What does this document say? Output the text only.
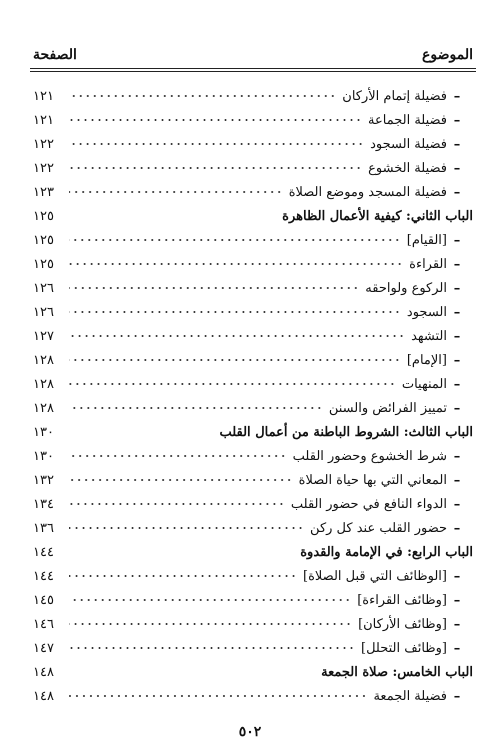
الموضوع
الصفحة
–
فضيلة إتمام الأركان
١٢١
–
فضيلة الجماعة
١٢١
–
فضيلة السجود
١٢٢
–
فضيلة الخشوع
١٢٢
–
فضيلة المسجد وموضع الصلاة
١٢٣
الباب الثاني: كيفية الأعمال الظاهرة
١٢٥
–
[القيام]
١٢٥
–
القراءة
١٢٥
–
الركوع ولواحقه
١٢٦
–
السجود
١٢٦
–
التشهد
١٢٧
–
[الإمام]
١٢٨
–
المنهيات
١٢٨
–
تمييز الفرائض والسنن
١٢٨
الباب الثالث: الشروط الباطنة من أعمال القلب
١٣٠
–
شرط الخشوع وحضور القلب
١٣٠
–
المعاني التي بها حياة الصلاة
١٣٢
–
الدواء النافع في حضور القلب
١٣٤
–
حضور القلب عند كل ركن
١٣٦
الباب الرابع: في الإمامة والقدوة
١٤٤
–
[الوظائف التي قبل الصلاة]
١٤٤
–
[وظائف القراءة]
١٤٥
–
[وظائف الأركان]
١٤٦
–
[وظائف التحلل]
١٤٧
الباب الخامس: صلاة الجمعة
١٤٨
–
فضيلة الجمعة
١٤٨
٥٠٢
